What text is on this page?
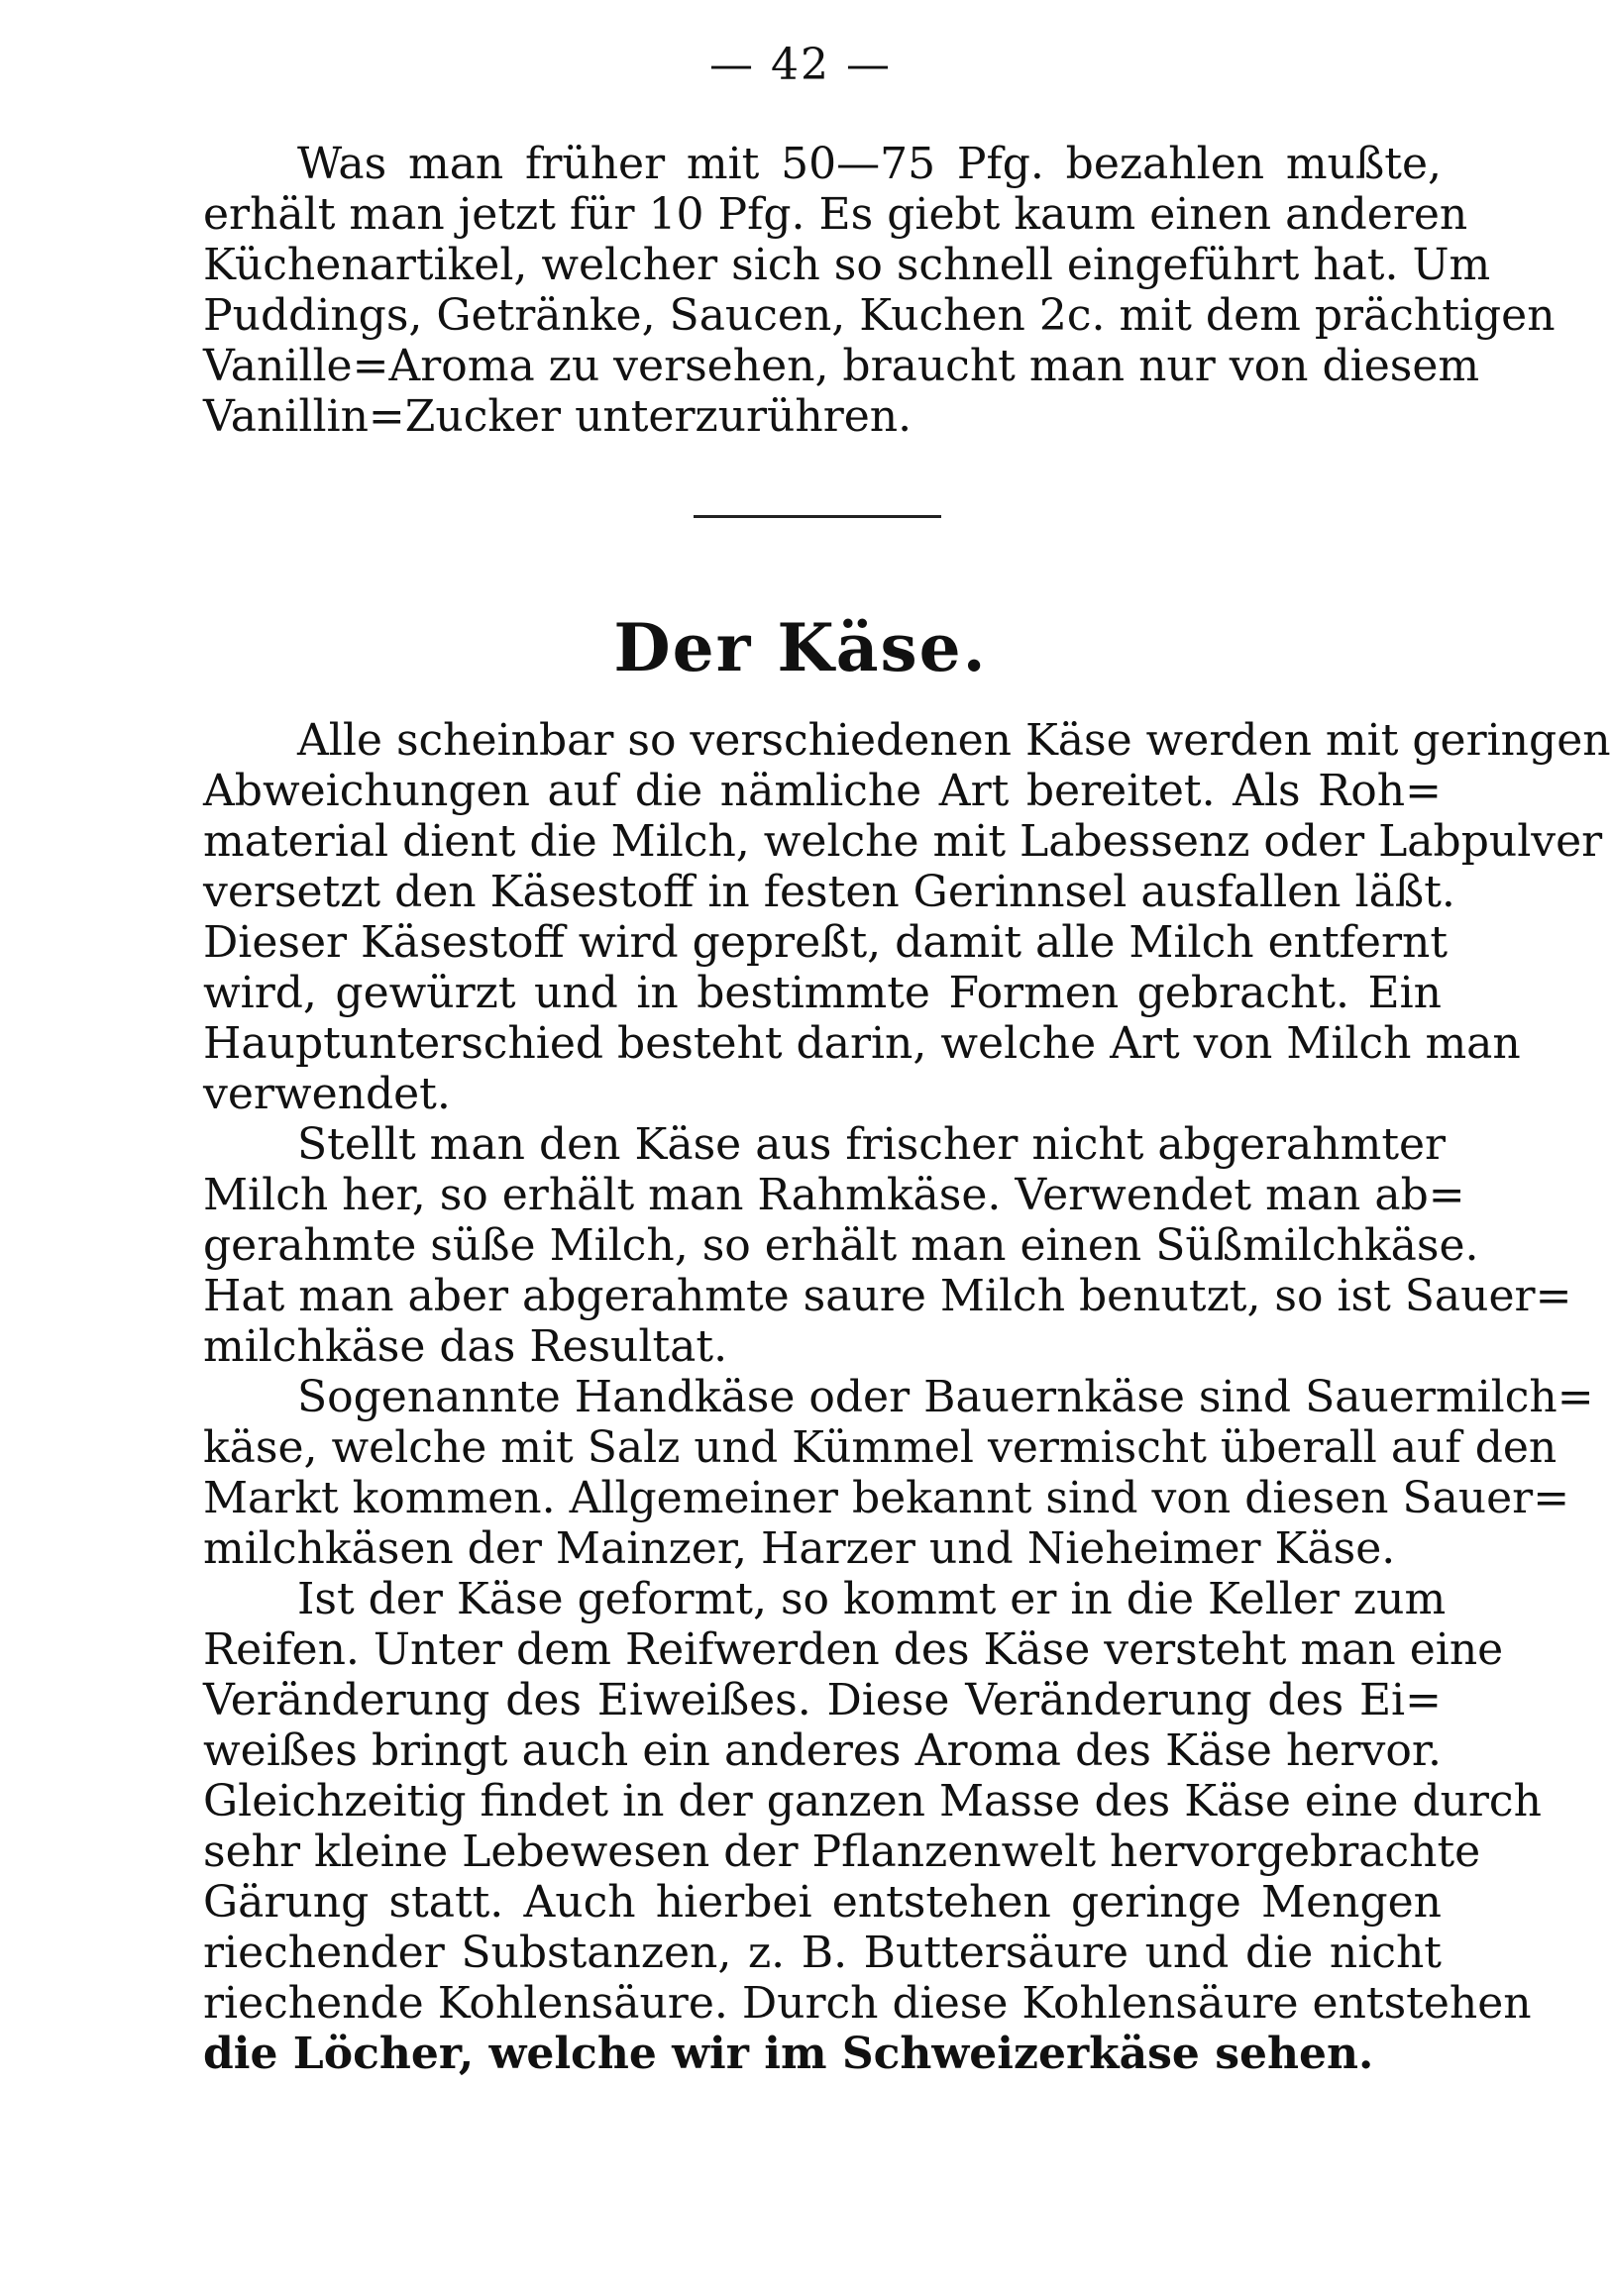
— 42 —
Was man früher mit 50—75 Pfg. bezahlen mußte,
erhält man jetzt für 10 Pfg. Es giebt kaum einen anderen
Küchenartikel, welcher sich so schnell eingeführt hat. Um
Puddings, Getränke, Saucen, Kuchen 2c. mit dem prächtigen
Vanille=Aroma zu versehen, braucht man nur von diesem
Vanillin=Zucker unterzurühren.
Der Käse.
Alle scheinbar so verschiedenen Käse werden mit geringen
Abweichungen auf die nämliche Art bereitet. Als Roh=
material dient die Milch, welche mit Labessenz oder Labpulver
versetzt den Käsestoff in festen Gerinnsel ausfallen läßt.
Dieser Käsestoff wird gepreßt, damit alle Milch entfernt
wird, gewürzt und in bestimmte Formen gebracht. Ein
Hauptunterschied besteht darin, welche Art von Milch man
verwendet.
Stellt man den Käse aus frischer nicht abgerahmter
Milch her, so erhält man Rahmkäse. Verwendet man ab=
gerahmte süße Milch, so erhält man einen Süßmilchkäse.
Hat man aber abgerahmte saure Milch benutzt, so ist Sauer=
milchkäse das Resultat.
Sogenannte Handkäse oder Bauernkäse sind Sauermilch=
käse, welche mit Salz und Kümmel vermischt überall auf den
Markt kommen. Allgemeiner bekannt sind von diesen Sauer=
milchkäsen der Mainzer, Harzer und Nieheimer Käse.
Ist der Käse geformt, so kommt er in die Keller zum
Reifen. Unter dem Reifwerden des Käse versteht man eine
Veränderung des Eiweißes. Diese Veränderung des Ei=
weißes bringt auch ein anderes Aroma des Käse hervor.
Gleichzeitig findet in der ganzen Masse des Käse eine durch
sehr kleine Lebewesen der Pflanzenwelt hervorgebrachte
Gärung statt. Auch hierbei entstehen geringe Mengen
riechender Substanzen, z. B. Buttersäure und die nicht
riechende Kohlensäure. Durch diese Kohlensäure entstehen
die Löcher, welche wir im Schweizerkäse sehen.
